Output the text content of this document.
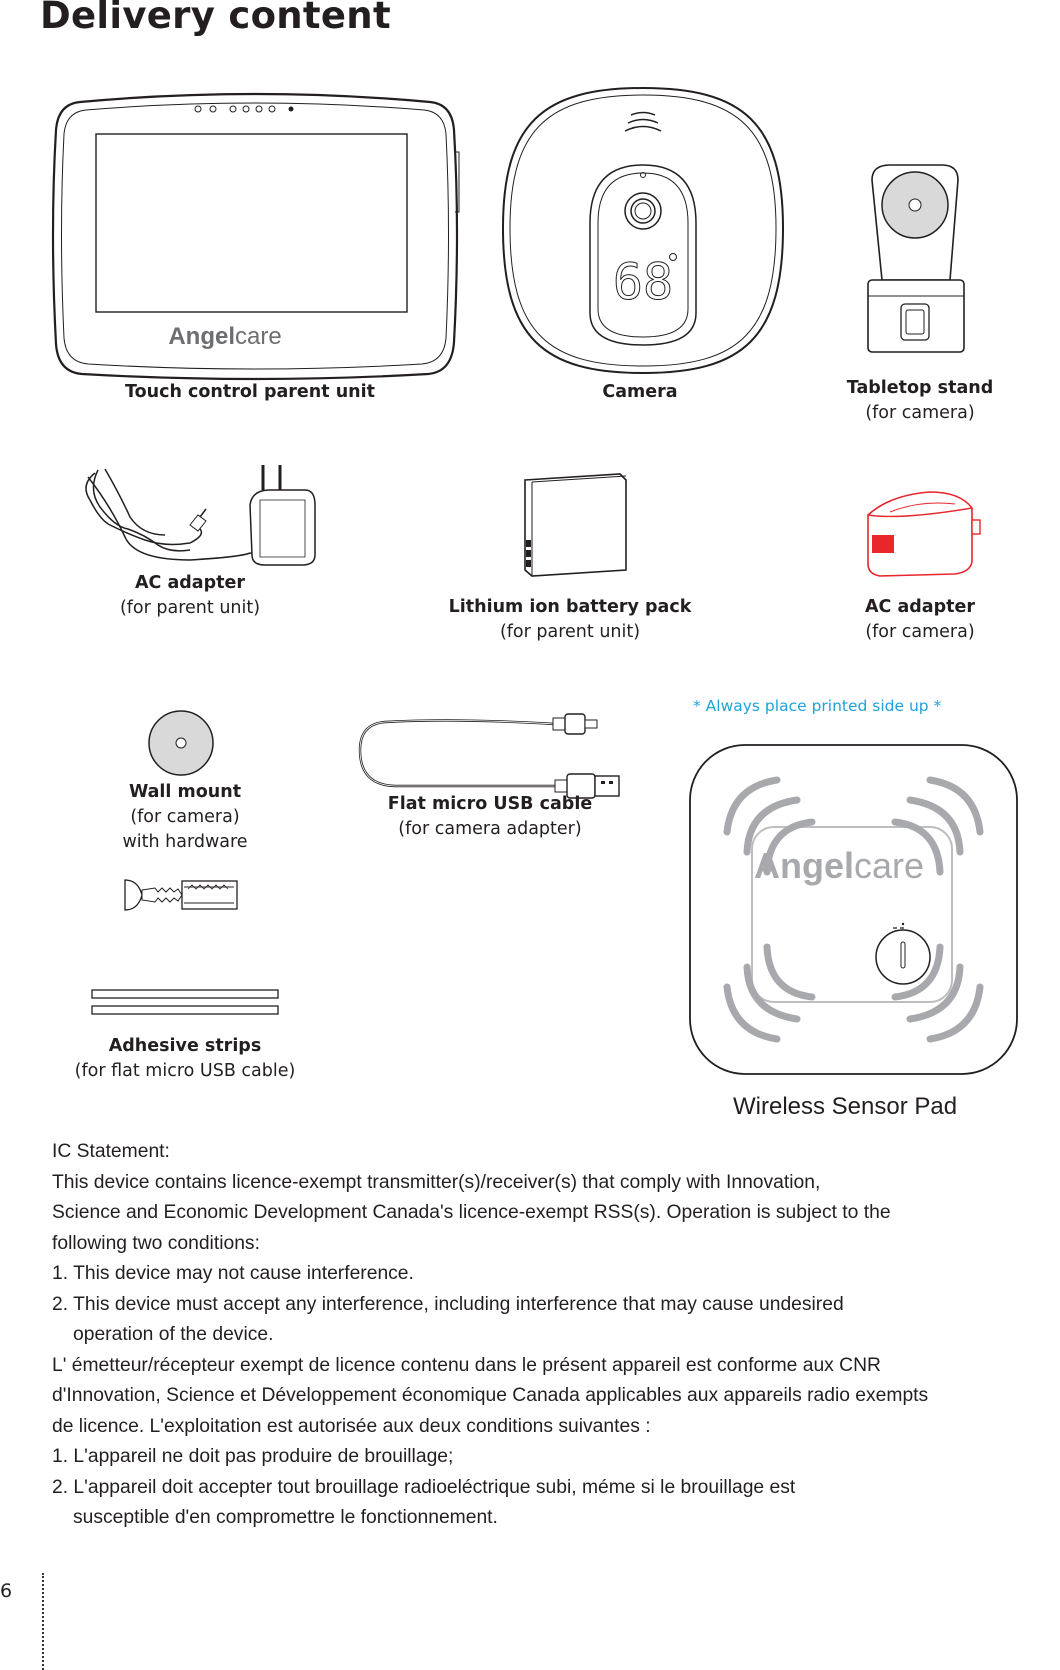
Delivery content
Angel care
Touch control parent unit
68
Camera	Tabletop stand
(for camera)
AC adapter
(for parent unit)	Lithium ion battery pack
(for parent unit)
AC adapter
(for camera)
Wall mount
(for camera)
with hardware
Flat micro USB cable
(for camera adapter)
Adhesive strips
(for flat micro USB cable)
* Always place printed side up *
Angel care
Wireless Sensor Pad
IC Statement:
This device contains licence-exempt transmitter(s)/receiver(s) that comply with Innovation,
Science and Economic Development Canada's licence-exempt RSS(s). Operation is subject to the
following two conditions:
1. This device may not cause interference.
2. This device must accept any interference, including interference that may cause undesired
operation of the device.
L' émetteur/récepteur exempt de licence contenu dans le présent appareil est conforme aux CNR
d'Innovation, Science et Développement économique Canada applicables aux appareils radio exempts
de licence. L'exploitation est autorisée aux deux conditions suivantes :
1. L'appareil ne doit pas produire de brouillage;
2. L'appareil doit accepter tout brouillage radioeléctrique subi, méme si le brouillage est
susceptible d'en compromettre le fonctionnement.
6
